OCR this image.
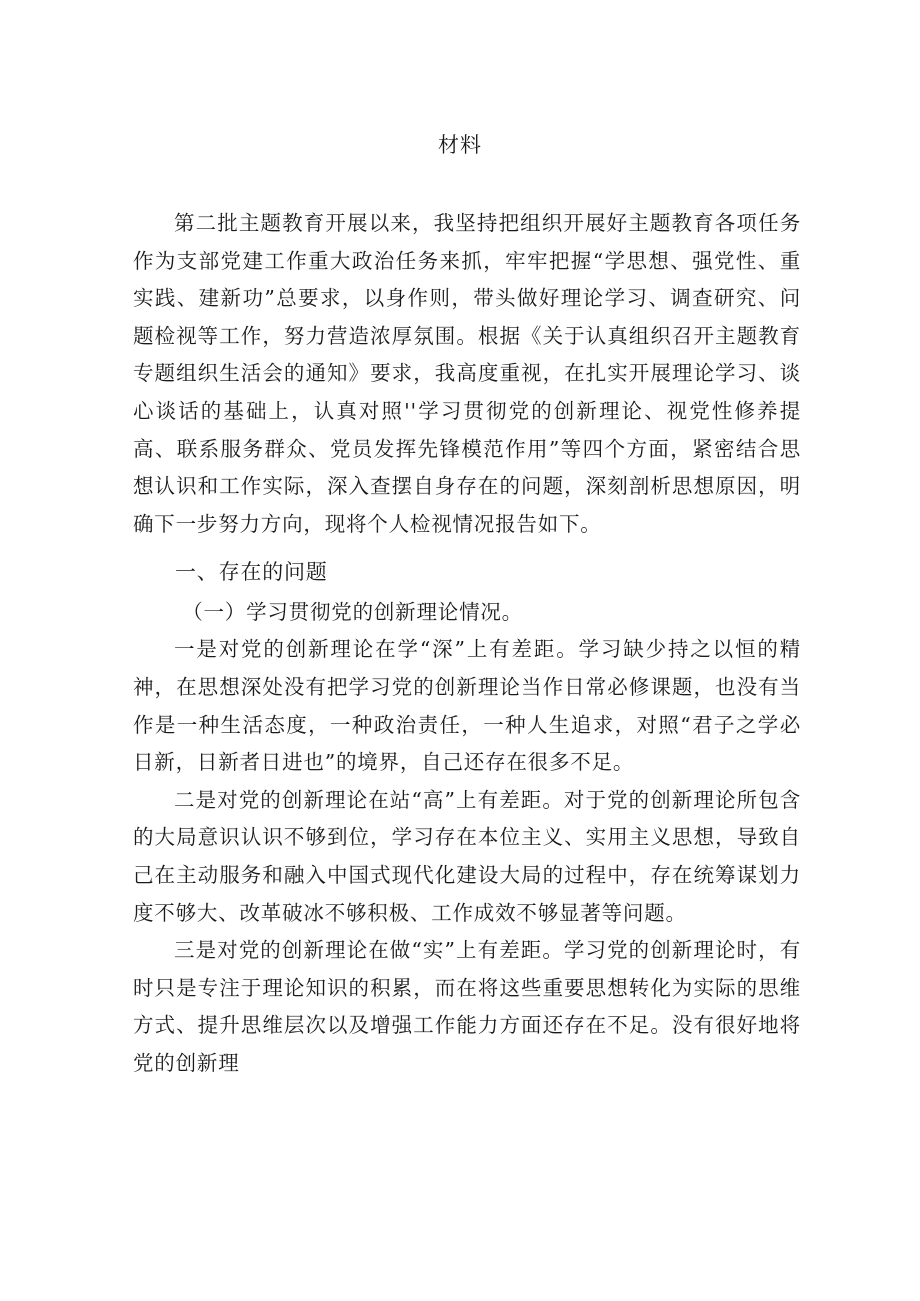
材料

第二批主题教育开展以来，我坚持把组织开展好主题教育各项任务作为支部党建工作重大政治任务来抓，牢牢把握“学思想、强党性、重实践、建新功”总要求，以身作则，带头做好理论学习、调查研究、问题检视等工作，努力营造浓厚氛围。根据《关于认真组织召开主题教育专题组织生活会的通知》要求，我高度重视，在扎实开展理论学习、谈心谈话的基础上，认真对照''学习贯彻党的创新理论、视党性修养提高、联系服务群众、党员发挥先锋模范作用”等四个方面，紧密结合思想认识和工作实际，深入查摆自身存在的问题，深刻剖析思想原因，明确下一步努力方向，现将个人检视情况报告如下。

一、存在的问题

（一）学习贯彻党的创新理论情况。

一是对党的创新理论在学“深”上有差距。学习缺少持之以恒的精神，在思想深处没有把学习党的创新理论当作日常必修课题，也没有当作是一种生活态度，一种政治责任，一种人生追求，对照“君子之学必日新，日新者日进也”的境界，自己还存在很多不足。

二是对党的创新理论在站“高”上有差距。对于党的创新理论所包含的大局意识认识不够到位，学习存在本位主义、实用主义思想，导致自己在主动服务和融入中国式现代化建设大局的过程中，存在统筹谋划力度不够大、改革破冰不够积极、工作成效不够显著等问题。

三是对党的创新理论在做“实”上有差距。学习党的创新理论时，有时只是专注于理论知识的积累，而在将这些重要思想转化为实际的思维方式、提升思维层次以及增强工作能力方面还存在不足。没有很好地将党的创新理
